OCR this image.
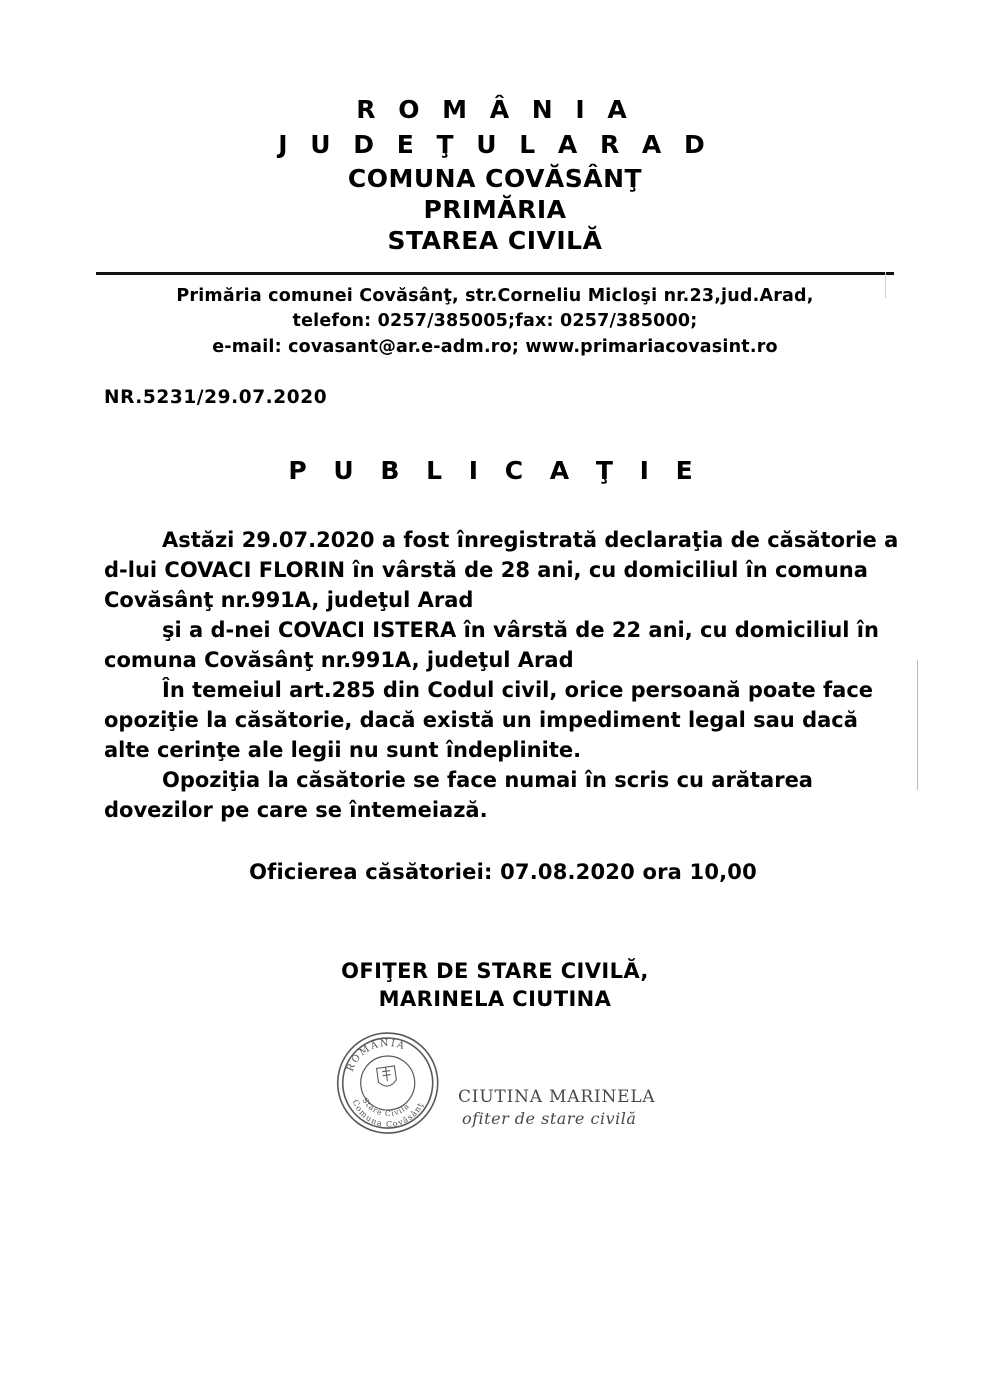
R O M Â N I A
J U D E Ţ U L A R A D
COMUNA COVĂSÂNŢ
PRIMĂRIA
STAREA CIVILĂ
Primăria comunei Covăsânţ, str.Corneliu Micloşi nr.23,jud.Arad,
telefon: 0257/385005;fax: 0257/385000;
e-mail: covasant@ar.e-adm.ro; www.primariacovasint.ro
NR.5231/29.07.2020
P U B L I C A Ţ I E

Astăzi 29.07.2020 a fost înregistrată declaraţia de căsătorie a d-lui COVACI FLORIN în vârstă de 28 ani, cu domiciliul în comuna Covăsânţ nr.991A, judeţul Arad

şi a d-nei COVACI ISTERA în vârstă de 22 ani, cu domiciliul în comuna Covăsânţ nr.991A, judeţul Arad

În temeiul art.285 din Codul civil, orice persoană poate face opoziţie la căsătorie, dacă există un impediment legal sau dacă alte cerinţe ale legii nu sunt îndeplinite.

Opoziţia la căsătorie se face numai în scris cu arătarea dovezilor pe care se întemeiază.

Oficierea căsătoriei: 07.08.2020 ora 10,00
OFIŢER DE STARE CIVILĂ,
MARINELA CIUTINA
ROMÂNIA
Comuna Covăsânţ
Stare Civilă	CIUTINA MARINELA
ofiter de stare civilă
